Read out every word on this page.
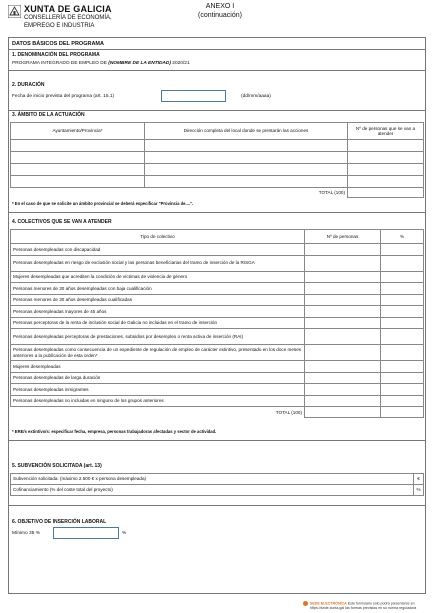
XUNTA DE GALICIA
CONSELLERÍA DE ECONOMÍA,
EMPREGO E INDUSTRIA
ANEXO I
(continuación)
DATOS BÁSICOS DEL PROGRAMA
1. DENOMINACIÓN DEL PROGRAMA
PROGRAMA INTEGRADO DE EMPLEO DE (NOMBRE DE LA ENTIDAD) 2020/21
2. DURACIÓN
Fecha de inicio prevista del programa (art. 15.1)	(dd/mm/aaaa)
3. ÁMBITO DE LA ACTUACIÓN
Ayuntamiento/Provincia*	Dirección completa del local donde se prestarán las acciones	Nº de personas que se van a atender

	TOTAL (100)	
* En el caso de que se solicite un ámbito provincial se deberá especificar "Provincia de....".
4. COLECTIVOS QUE SE VAN A ATENDER
Tipo de colectivo	Nº de personas	%
Personas desempleadas con discapacidad		
Personas desempleadas en riesgo de exclusión social y las personas beneficiarias del tramo de inserción de la RISGA		
Mujeres desempleadas que acrediten la condición de víctimas de violencia de género		
Personas menores de 30 años desempleadas con baja cualificación		
Personas menores de 30 años desempleadas cualificadas		
Personas desempleadas mayores de 45 años		
Personas perceptoras de la renta de inclusión social de Galicia no incluidas en el tramo de inserción		
Personas desempleadas perceptoras de prestaciones, subsidios por desempleo o renta activa de inserción (RAI)		
Personas desempleadas como consecuencia de un expediente de regulación de empleo de carácter extintivo, presentado en los doce meses anteriores a la publicación de esta orden*		
Mujeres desempleadas		
Personas desempleadas de larga duración		
Personas desempleadas inmigrantes		
Personas desempleadas no incluidas en ninguno de los grupos anteriores		
TOTAL (100)		
* ERE/s extintivo/s: especificar fecha, empresa, personas trabajadoras afectadas y sector de actividad.
5. SUBVENCIÓN SOLICITADA (art. 13)
Subvención solicitada: (máximo 2.500 € x persona desempleada)	€
Cofinanciamiento (% del coste total del proyecto)	%
6. OBJETIVO DE INSERCIÓN LABORAL
Mínimo 35 %	%
SEDE ELECTRÓNICA Este formulario sólo podrá presentarse en
https://sede.xunta.gal las formas previstas en su norma reguladora
